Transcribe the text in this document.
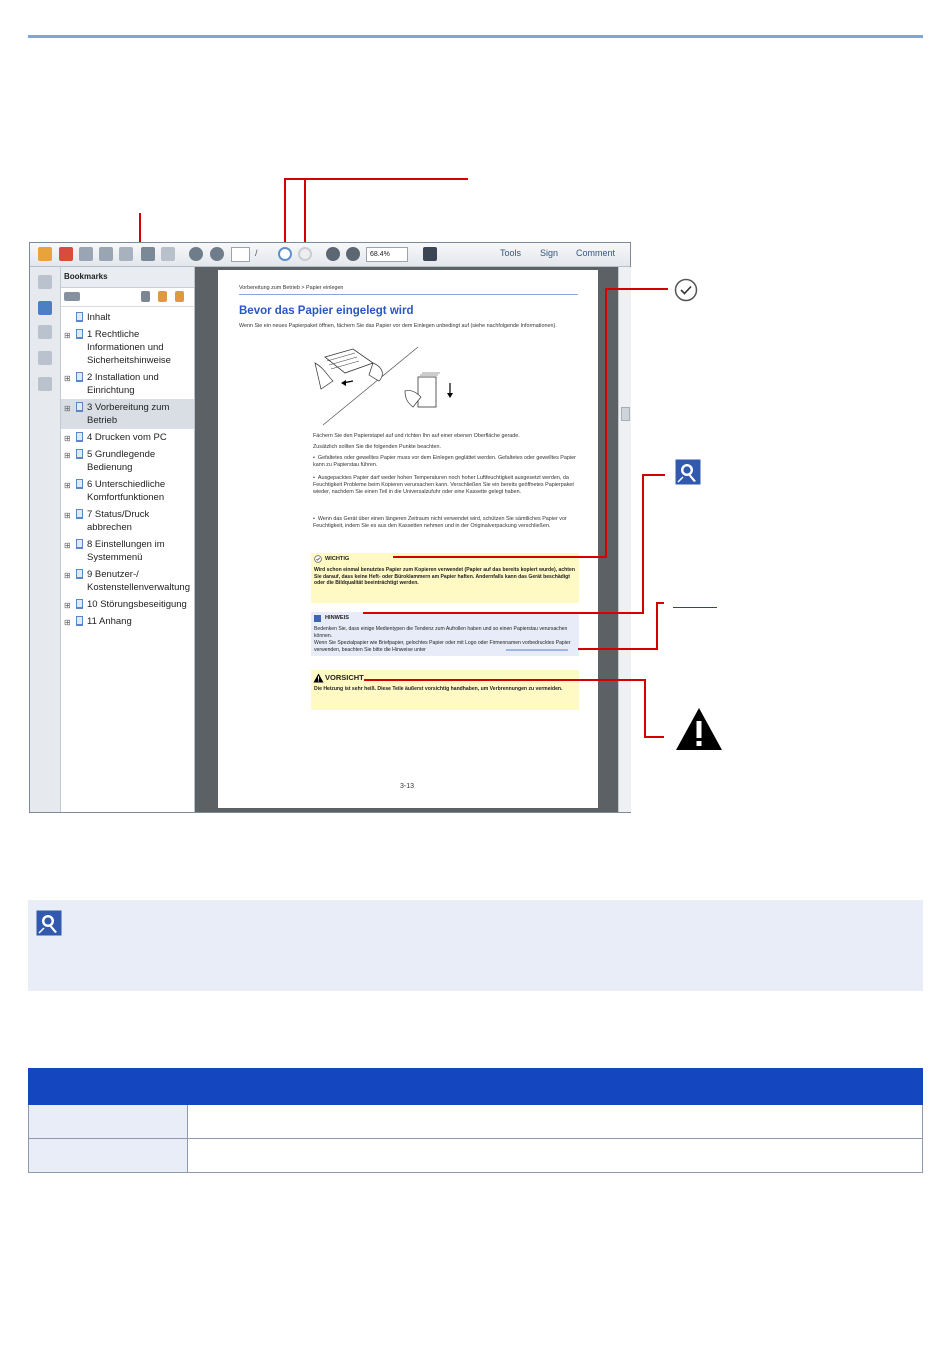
/	68.4%	Tools Sign Comment
Bookmarks
Inhalt
⊞ 1 Rechtliche Informationen und Sicherheitshinweise
⊞ 2 Installation und Einrichtung
⊞ 3 Vorbereitung zum Betrieb
⊞ 4 Drucken vom PC
⊞ 5 Grundlegende Bedienung
⊞ 6 Unterschiedliche Komfortfunktionen
⊞ 7 Status/Druck abbrechen
⊞ 8 Einstellungen im Systemmenü
⊞ 9 Benutzer-/ Kostenstellenverwaltung
⊞ 10 Störungsbeseitigung
⊞ 11 Anhang
Vorbereitung zum Betrieb > Papier einlegen
Bevor das Papier eingelegt wird
Wenn Sie ein neues Papierpaket öffnen, fächern Sie das Papier vor dem Einlegen unbedingt auf (siehe nachfolgende Informationen).
Fächern Sie den Papierstapel auf und richten Ihn auf einer ebenen Oberfläche gerade.
Zusätzlich sollten Sie die folgenden Punkte beachten.
•  Gefaltetes oder gewelltes Papier muss vor dem Einlegen geglättet werden. Gefaltetes oder gewelltes Papier kann zu Papierstau führen.
•  Ausgepacktes Papier darf weder hohen Temperaturen noch hoher Luftfeuchtigkeit ausgesetzt werden, da Feuchtigkeit Probleme beim Kopieren verursachen kann. Verschließen Sie ein bereits geöffnetes Papierpaket wieder, nachdem Sie einen Teil in die Universalzufuhr oder eine Kassette gelegt haben.
•  Wenn das Gerät über einen längeren Zeitraum nicht verwendet wird, schützen Sie sämtliches Papier vor Feuchtigkeit, indem Sie es aus den Kassetten nehmen und in der Originalverpackung verschließen.
WICHTIG
Wird schon einmal benutztes Papier zum Kopieren verwendet (Papier auf das bereits kopiert wurde), achten Sie darauf, dass keine Heft- oder Büroklammern am Papier haften. Andernfalls kann das Gerät beschädigt oder die Bildqualität beeinträchtigt werden.
HINWEIS
Bedenken Sie, dass einige Medientypen die Tendenz zum Aufrollen haben und so einen Papierstau verursachen können.
Wenn Sie Spezialpapier wie Briefpapier, gelochtes Papier oder mit Logo oder Firmennamen vorbedrucktes Papier verwenden, beachten Sie bitte die Hinweise unter
VORSICHT
Die Heizung ist sehr heiß. Diese Teile äußerst vorsichtig handhaben, um Verbrennungen zu vermeiden.
3-13
